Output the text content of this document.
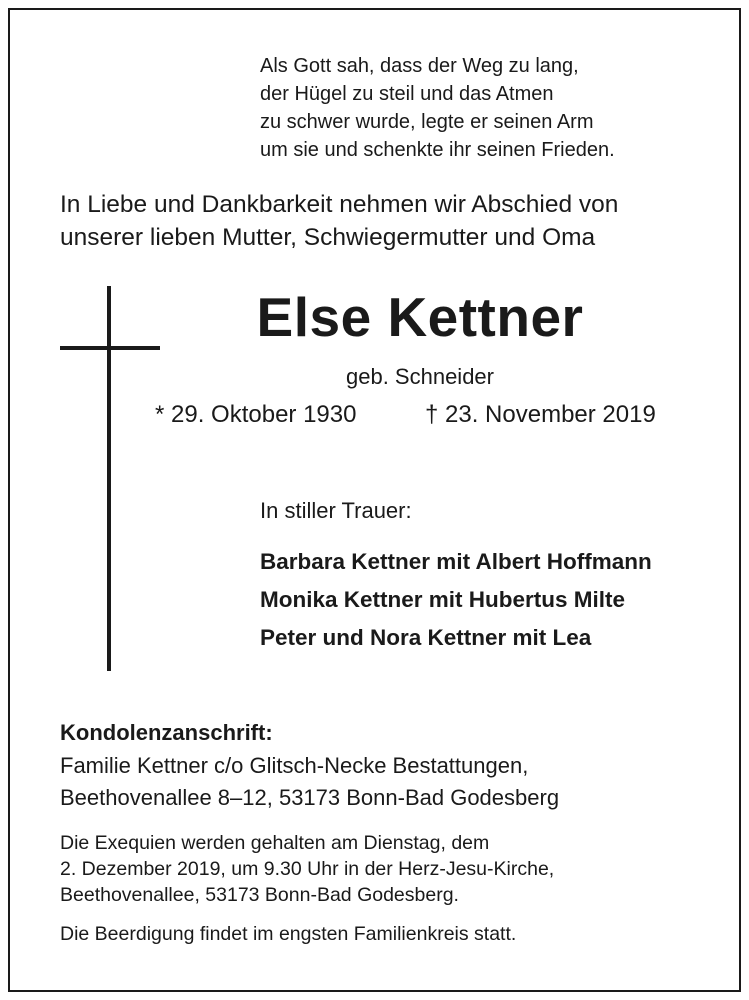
Als Gott sah, dass der Weg zu lang,
der Hügel zu steil und das Atmen
zu schwer wurde, legte er seinen Arm
um sie und schenkte ihr seinen Frieden.
In Liebe und Dankbarkeit nehmen wir Abschied von
unserer lieben Mutter, Schwiegermutter und Oma
Else Kettner
geb. Schneider
* 29. Oktober 1930	† 23. November 2019
In stiller Trauer:
Barbara Kettner mit Albert Hoffmann
Monika Kettner mit Hubertus Milte
Peter und Nora Kettner mit Lea
Kondolenzanschrift:
Familie Kettner c/o Glitsch-Necke Bestattungen,
Beethovenallee 8–12, 53173 Bonn-Bad Godesberg
Die Exequien werden gehalten am Dienstag, dem
2. Dezember 2019, um 9.30 Uhr in der Herz-Jesu-Kirche,
Beethovenallee, 53173 Bonn-Bad Godesberg.
Die Beerdigung findet im engsten Familienkreis statt.
